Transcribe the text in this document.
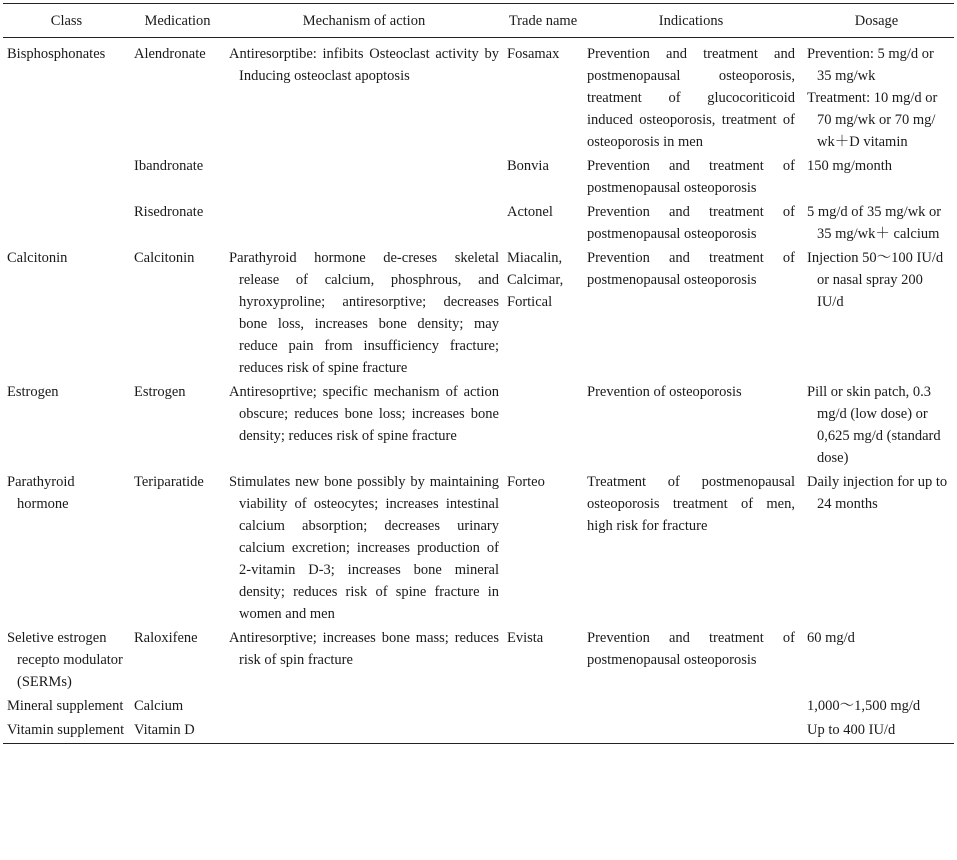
Class	Medication	Mechanism of action	Trade name	Indications	Dosage
Bisphosphonates	Alendronate	Antiresorptibe: infibits Osteoclast activity by Inducing osteoclast apoptosis	Fosamax	Prevention and treatment and postmenopausal osteoporosis, treatment of glucocoriticoid induced osteoporosis, treatment of osteoporosis in men	Prevention: 5 mg/d or 35 mg/wk
Treatment: 10 mg/d or 70 mg/wk or 70 mg/ wk＋D vitamin

	Ibandronate		Bonvia	Prevention and treatment of postmenopausal osteoporosis	150 mg/month

	Risedronate		Actonel	Prevention and treatment of postmenopausal osteoporosis	5 mg/d of 35 mg/wk or 35 mg/wk＋ calcium

Calcitonin	Calcitonin	Parathyroid hormone de-creses skeletal release of calcium, phosphrous, and hyroxyproline; antiresorptive; decreases bone loss, increases bone density; may reduce pain from insufficiency fracture; reduces risk of spine fracture	Miacalin, Calcimar, Fortical	Prevention and treatment of postmenopausal osteoporosis	Injection 50～100 IU/d or nasal spray 200 IU/d

Estrogen	Estrogen	Antiresoprtive; specific mechanism of action obscure; reduces bone loss; increases bone density; reduces risk of spine fracture		Prevention of osteoporosis	Pill or skin patch, 0.3 mg/d (low dose) or 0,625 mg/d (standard dose)

Parathyroid hormone	Teriparatide	Stimulates new bone possibly by maintaining viability of osteocytes; increases intestinal calcium absorption; decreases urinary calcium excretion; increases production of 2-vitamin D-3; increases bone mineral density; reduces risk of spine fracture in women and men	Forteo	Treatment of postmenopausal osteoporosis treatment of men, high risk for fracture	Daily injection for up to 24 months

Seletive estrogen recepto modulator (SERMs)	Raloxifene	Antiresorptive; increases bone mass; reduces risk of spin fracture	Evista	Prevention and treatment of postmenopausal osteoporosis	60 mg/d

Mineral supplement	Calcium				1,000～1,500 mg/d

Vitamin supplement	Vitamin D				Up to 400 IU/d
